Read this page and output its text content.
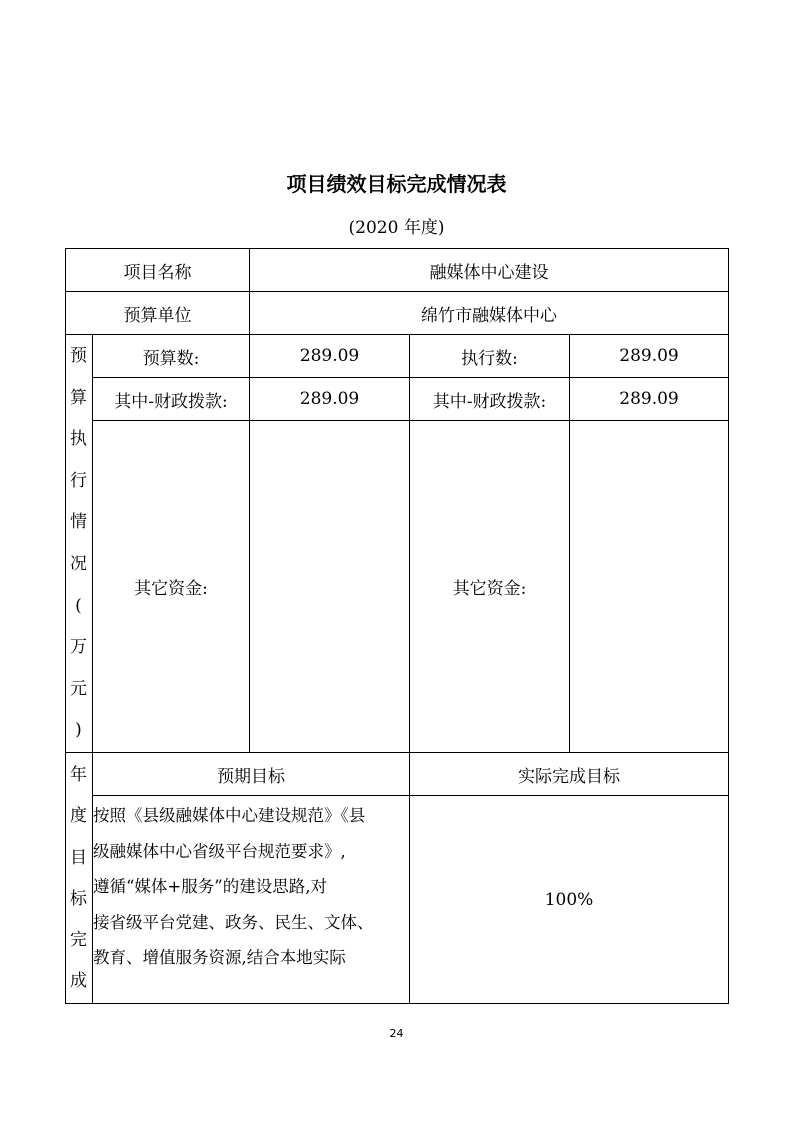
项目绩效目标完成情况表
(2020 年度)
项目名称	融媒体中心建设
预算单位	绵竹市融媒体中心
预
算
执
行
情
况
(
万
元
)
预算数:	289.09	执行数:	289.09
其中-财政拨款:	289.09	其中-财政拨款:	289.09
其它资金:	其它资金:
年
度
目
标
完
成
预期目标	实际完成目标
按照《县级融媒体中心建设规范》《县
级融媒体中心省级平台规范要求》,
遵循“媒体+服务”的建设思路,对
接省级平台党建、政务、民生、文体、
教育、增值服务资源,结合本地实际
100%
24
